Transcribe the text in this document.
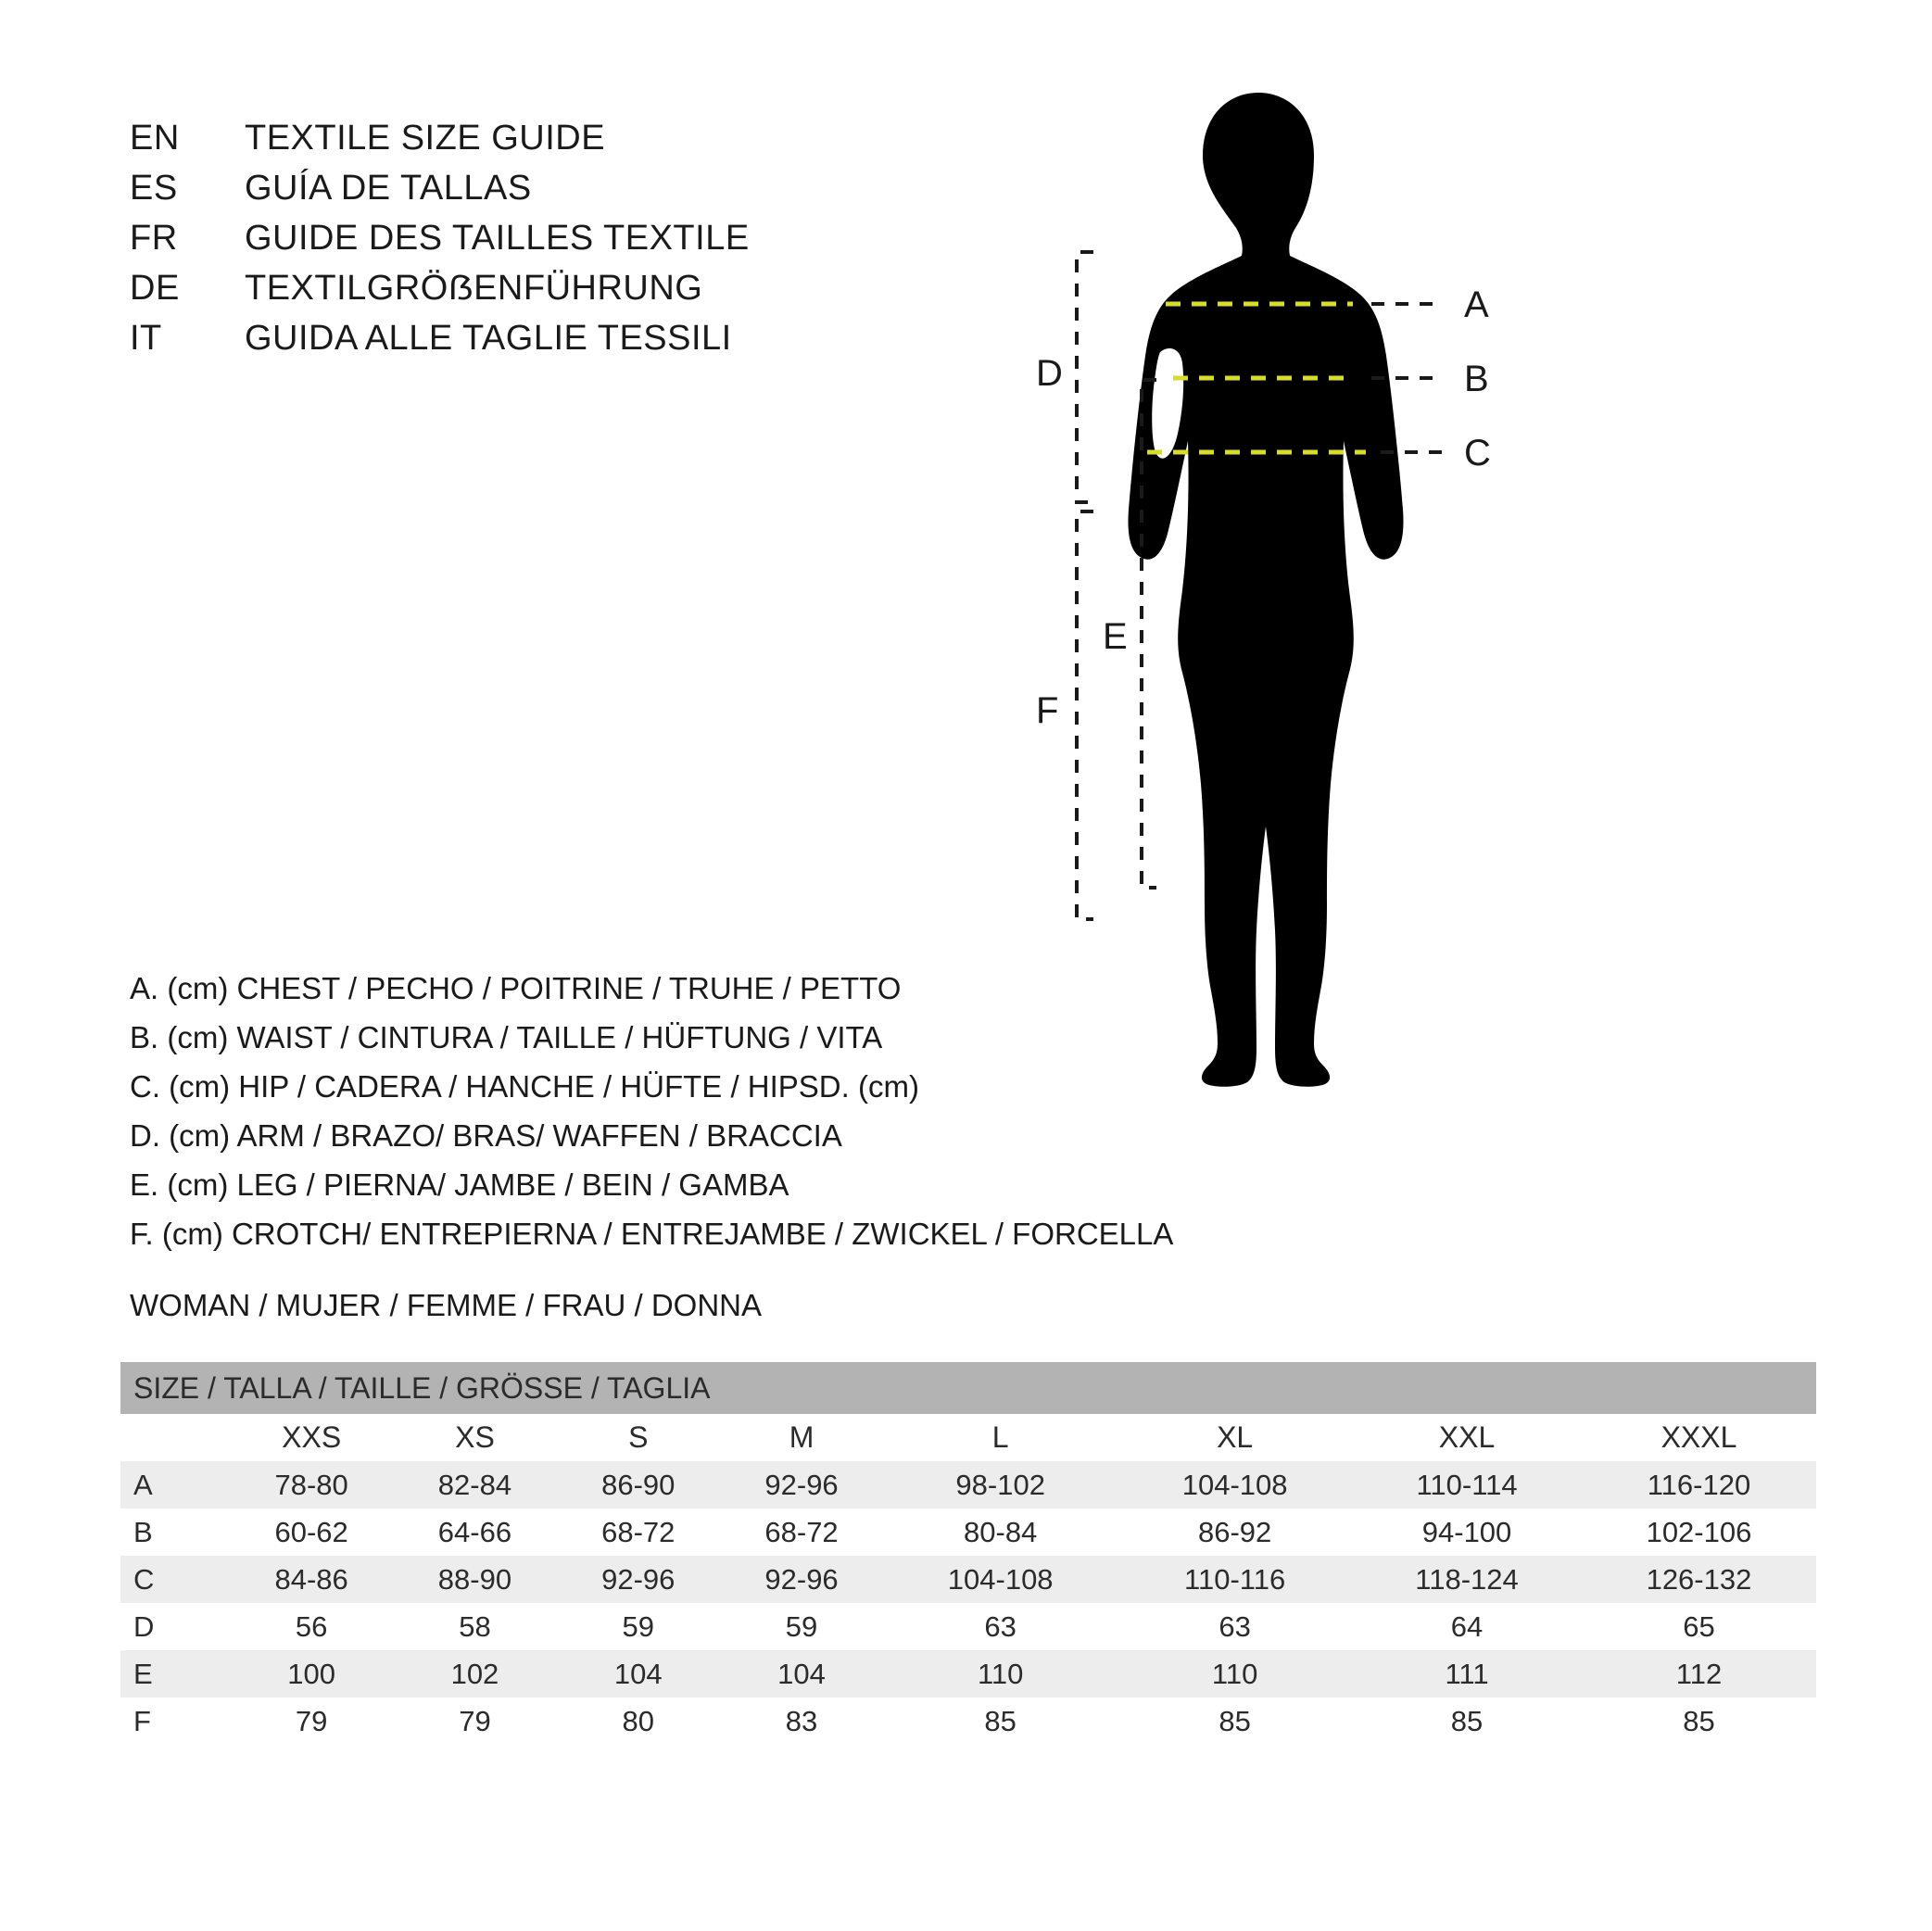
EN	TEXTILE SIZE GUIDE
ES	GUÍA DE TALLAS
FR	GUIDE DES TAILLES TEXTILE
DE	TEXTILGRÖẞENFÜHRUNG
IT	GUIDA ALLE TAGLIE TESSILI
A
B
C
D
E
F
A. (cm) CHEST / PECHO / POITRINE / TRUHE / PETTO
B. (cm) WAIST / CINTURA / TAILLE / HÜFTUNG / VITA
C. (cm) HIP / CADERA / HANCHE / HÜFTE / HIPSD. (cm)
D. (cm) ARM / BRAZO/ BRAS/ WAFFEN / BRACCIA
E. (cm) LEG / PIERNA/ JAMBE / BEIN / GAMBA
F. (cm) CROTCH/ ENTREPIERNA / ENTREJAMBE / ZWICKEL / FORCELLA
WOMAN / MUJER / FEMME / FRAU / DONNA
SIZE / TALLA / TAILLE / GRÖSSE / TAGLIA								
	XXS	XS	S	M	L	XL	XXL	XXXL
A	78-80	82-84	86-90	92-96	98-102	104-108	110-114	116-120
B	60-62	64-66	68-72	68-72	80-84	86-92	94-100	102-106
C	84-86	88-90	92-96	92-96	104-108	110-116	118-124	126-132
D	56	58	59	59	63	63	64	65
E	100	102	104	104	110	110	111	112
F	79	79	80	83	85	85	85	85
